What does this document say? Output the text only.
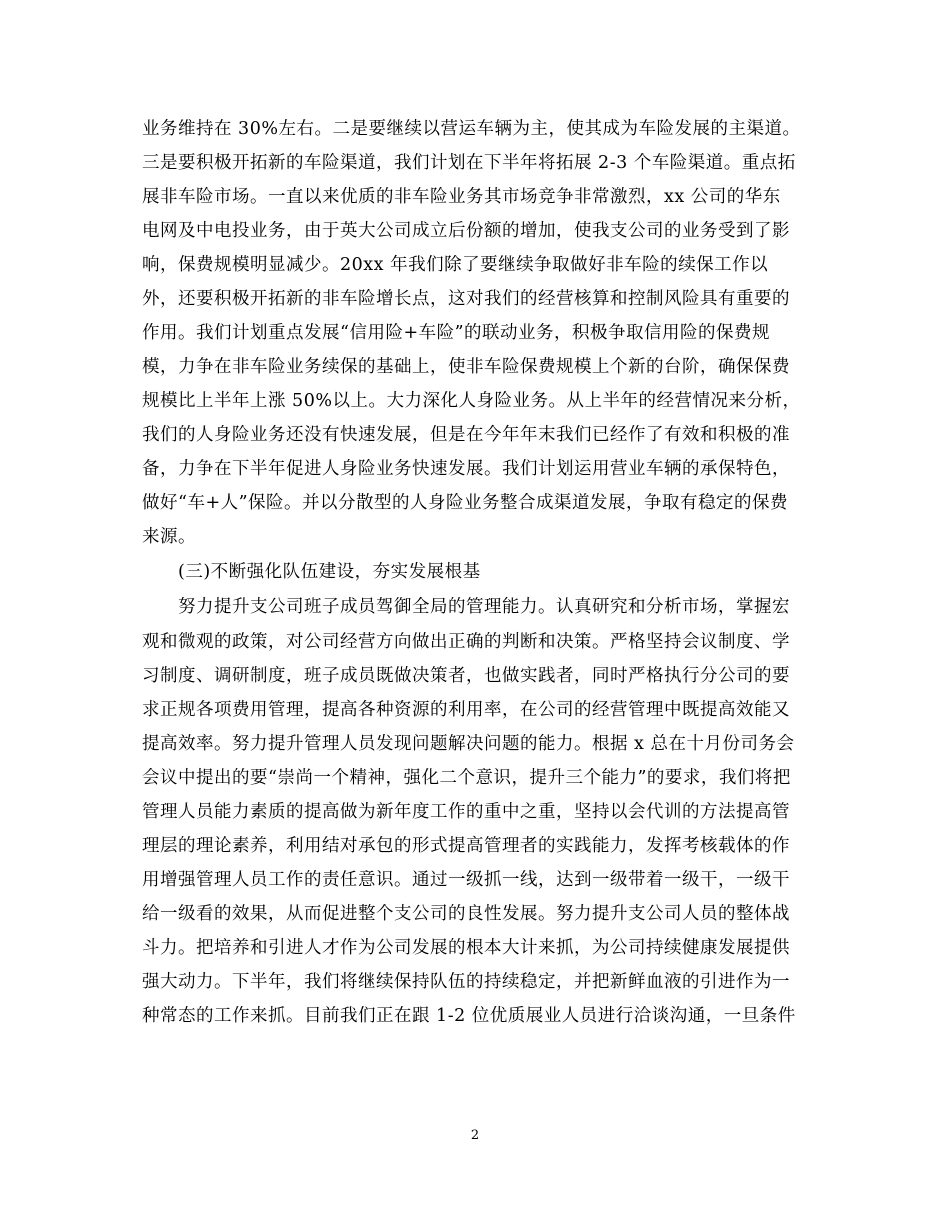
业务维持在 30%左右。二是要继续以营运车辆为主，使其成为车险发展的主渠道。
三是要积极开拓新的车险渠道，我们计划在下半年将拓展 2-3 个车险渠道。重点拓
展非车险市场。一直以来优质的非车险业务其市场竞争非常激烈，xx 公司的华东
电网及中电投业务，由于英大公司成立后份额的增加，使我支公司的业务受到了影
响，保费规模明显减少。20xx 年我们除了要继续争取做好非车险的续保工作以
外，还要积极开拓新的非车险增长点，这对我们的经营核算和控制风险具有重要的
作用。我们计划重点发展“信用险+车险”的联动业务，积极争取信用险的保费规
模，力争在非车险业务续保的基础上，使非车险保费规模上个新的台阶，确保保费
规模比上半年上涨 50%以上。大力深化人身险业务。从上半年的经营情况来分析，
我们的人身险业务还没有快速发展，但是在今年年末我们已经作了有效和积极的准
备，力争在下半年促进人身险业务快速发展。我们计划运用营业车辆的承保特色，
做好“车+人”保险。并以分散型的人身险业务整合成渠道发展，争取有稳定的保费
来源。
(三)不断强化队伍建设，夯实发展根基
努力提升支公司班子成员驾御全局的管理能力。认真研究和分析市场，掌握宏
观和微观的政策，对公司经营方向做出正确的判断和决策。严格坚持会议制度、学
习制度、调研制度，班子成员既做决策者，也做实践者，同时严格执行分公司的要
求正规各项费用管理，提高各种资源的利用率，在公司的经营管理中既提高效能又
提高效率。努力提升管理人员发现问题解决问题的能力。根据 x 总在十月份司务会
会议中提出的要“崇尚一个精神，强化二个意识，提升三个能力”的要求，我们将把
管理人员能力素质的提高做为新年度工作的重中之重，坚持以会代训的方法提高管
理层的理论素养，利用结对承包的形式提高管理者的实践能力，发挥考核载体的作
用增强管理人员工作的责任意识。通过一级抓一线，达到一级带着一级干，一级干
给一级看的效果，从而促进整个支公司的良性发展。努力提升支公司人员的整体战
斗力。把培养和引进人才作为公司发展的根本大计来抓，为公司持续健康发展提供
强大动力。下半年，我们将继续保持队伍的持续稳定，并把新鲜血液的引进作为一
种常态的工作来抓。目前我们正在跟 1-2 位优质展业人员进行洽谈沟通，一旦条件
2
